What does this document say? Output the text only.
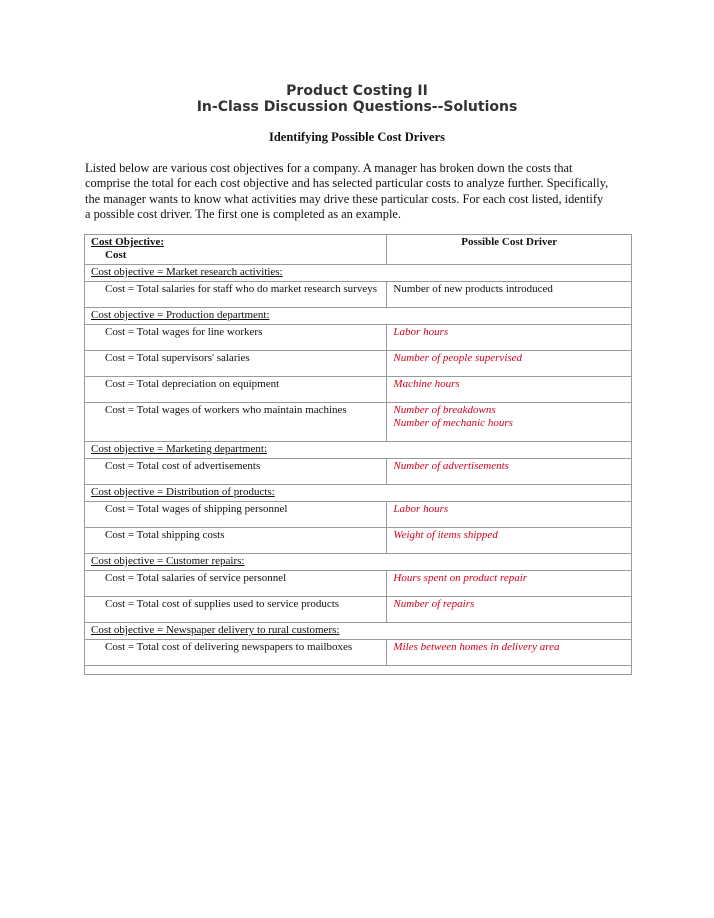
Product Costing II
In-Class Discussion Questions--Solutions
Identifying Possible Cost Drivers
Listed below are various cost objectives for a company. A manager has broken down the costs that
comprise the total for each cost objective and has selected particular costs to analyze further. Specifically,
the manager wants to know what activities may drive these particular costs. For each cost listed, identify
a possible cost driver. The first one is completed as an example.
Cost Objective:
Cost	Possible Cost Driver

Cost objective = Market research activities:	
Cost = Total salaries for staff who do market research surveys	Number of new products introduced

Cost objective = Production department:	
Cost = Total wages for line workers	Labor hours

Cost = Total supervisors' salaries	Number of people supervised

Cost = Total depreciation on equipment	Machine hours

Cost = Total wages of workers who maintain machines	Number of breakdowns
Number of mechanic hours

Cost objective = Marketing department:	
Cost = Total cost of advertisements	Number of advertisements

Cost objective = Distribution of products:	
Cost = Total wages of shipping personnel	Labor hours

Cost = Total shipping costs	Weight of items shipped

Cost objective = Customer repairs:	
Cost = Total salaries of service personnel	Hours spent on product repair

Cost = Total cost of supplies used to service products	Number of repairs

Cost objective = Newspaper delivery to rural customers:	
Cost = Total cost of delivering newspapers to mailboxes	Miles between homes in delivery area
